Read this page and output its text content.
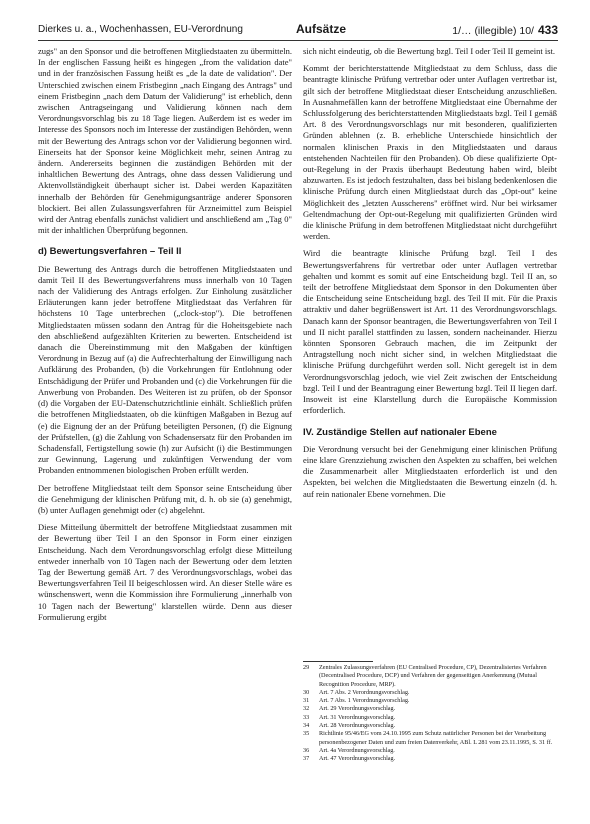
Dierkes u. a., Wochenhassen, EU-Verordnung	Aufsätze	1/… (illegible) 10/ 433

zugs" an den Sponsor und die betroffenen Mitgliedstaaten zu übermitteln. In der englischen Fassung heißt es hingegen „from the validation date" und in der französischen Fassung heißt es „de la date de validation". Der Unterschied zwischen einem Fristbeginn „nach Eingang des Antrags" und einem Fristbeginn „nach dem Datum der Validierung" ist erheblich, denn zwischen Antragseingang und Validierung können nach dem Verordnungsvorschlag bis zu 18 Tage liegen. Außerdem ist es weder im Interesse des Sponsors noch im Interesse der zuständigen Behörden, wenn mit der Bewertung des Antrags schon vor der Validierung begonnen wird. Einerseits hat der Sponsor keine Möglichkeit mehr, seinen Antrag zu ändern. Andererseits beginnen die zuständigen Behörden mit der inhaltlichen Bewertung des Antrags, ohne dass dessen Validierung und Aktenvollständigkeit überhaupt sicher ist. Dabei werden Kapazitäten innerhalb der Behörden für Genehmigungsanträge anderer Sponsoren blockiert. Bei allen Zulassungsverfahren für Arzneimittel zum Beispiel wird der Antrag ebenfalls zunächst validiert und anschließend am „Tag 0" mit der inhaltlichen Überprüfung begonnen.

d) Bewertungsverfahren – Teil II

Die Bewertung des Antrags durch die betroffenen Mitgliedstaaten und damit Teil II des Bewertungsverfahrens muss innerhalb von 10 Tagen nach der Validierung des Antrags erfolgen. Zur Einholung zusätzlicher Erläuterungen kann jeder betroffene Mitgliedstaat das Verfahren für höchstens 10 Tage unterbrechen („clock-stop"). Die betroffenen Mitgliedstaaten müssen sodann den Antrag für die Hoheitsgebiete nach den abschließend aufgezählten Kriterien zu bewerten. Entscheidend ist danach die Übereinstimmung mit den Maßgaben der künftigen Verordnung in Bezug auf (a) die Aufrechterhaltung der Einwilligung nach Aufklärung des Probanden, (b) die Vorkehrungen für Entlohnung oder Entschädigung der Prüfer und Probanden und (c) die Vorkehrungen für die Anwerbung von Probanden. Des Weiteren ist zu prüfen, ob der Sponsor (d) die Vorgaben der EU-Datenschutzrichtlinie einhält. Schließlich prüfen die betroffenen Mitgliedstaaten, ob die künftigen Maßgaben in Bezug auf (e) die Eignung der an der Prüfung beteiligten Personen, (f) die Eignung der Prüfstellen, (g) die Zahlung von Schadensersatz für den Probanden im Schadensfall, Fertigstellung sowie (h) zur Aufsicht (i) die Bestimmungen zur Gewinnung, Lagerung und zukünftigen Verwendung der vom Probanden entnommenen biologischen Proben erfüllt werden.

Der betroffene Mitgliedstaat teilt dem Sponsor seine Entscheidung über die Genehmigung der klinischen Prüfung mit, d. h. ob sie (a) genehmigt, (b) unter Auflagen genehmigt oder (c) abgelehnt.

Diese Mitteilung übermittelt der betroffene Mitgliedstaat zusammen mit der Bewertung über Teil I an den Sponsor in Form einer einzigen Entscheidung. Nach dem Verordnungsvorschlag erfolgt diese Mitteilung entweder innerhalb von 10 Tagen nach der Bewertung oder dem letzten Tag der Bewertung gemäß Art. 7 des Verordnungsvorschlags, wobei das Bewertungsverfahren Teil II beigeschlossen wird. An dieser Stelle wäre es wünschenswert, wenn die Kommission ihre Formulierung „innerhalb von 10 Tagen nach der Bewertung" klarstellen würde. Denn aus dieser Formulierung ergibt

sich nicht eindeutig, ob die Bewertung bzgl. Teil I oder Teil II gemeint ist.

Kommt der berichterstattende Mitgliedstaat zu dem Schluss, dass die beantragte klinische Prüfung vertretbar oder unter Auflagen vertretbar ist, gilt sich der betroffene Mitgliedstaat dieser Entscheidung anzuschließen. In Ausnahmefällen kann der betroffene Mitgliedstaat eine Übernahme der Schlussfolgerung des berichterstattenden Mitgliedstaats bzgl. Teil I gemäß Art. 8 des Verordnungsvorschlags nur mit besonderen, qualifizierten Gründen ablehnen (z. B. erhebliche Unterschiede hinsichtlich der normalen klinischen Praxis in den Mitgliedstaaten und daraus entstehenden Nachteilen für den Probanden). Ob diese qualifizierte Opt-out-Regelung in der Praxis überhaupt Bedeutung haben wird, bleibt abzuwarten. Es ist jedoch festzuhalten, dass bei bislang bedenkenlosen die klinische Prüfung durch einen Mitgliedstaat durch das „Opt-out" keine Möglichkeit des „letzten Ausscherens" eröffnet wird. Nur bei wirksamer Geltendmachung der Opt-out-Regelung mit qualifizierten Gründen wird die klinische Prüfung in dem betroffenen Mitgliedstaat nicht durchgeführt werden.

Wird die beantragte klinische Prüfung bzgl. Teil I des Bewertungsverfahrens für vertretbar oder unter Auflagen vertretbar gehalten und kommt es somit auf eine Entscheidung bzgl. Teil II an, so teilt der betroffene Mitgliedstaat dem Sponsor in den Dokumenten über die Entscheidung seine Entscheidung bzgl. des Teil II mit. Für die Praxis attraktiv und daher begrüßenswert ist Art. 11 des Verordnungsvorschlags. Danach kann der Sponsor beantragen, die Bewertungsverfahren von Teil I und II nicht parallel stattfinden zu lassen, sondern nacheinander. Hierzu könnten Sponsoren Gebrauch machen, die im Zeitpunkt der Antragstellung noch nicht sicher sind, in welchen Mitgliedstaat die klinische Prüfung durchgeführt werden soll. Nicht geregelt ist in dem Verordnungsvorschlag jedoch, wie viel Zeit zwischen der Entscheidung bzgl. Teil I und der Beantragung einer Bewertung bzgl. Teil II liegen darf. Insoweit ist eine Klarstellung durch die Europäische Kommission erforderlich.

IV. Zuständige Stellen auf nationaler Ebene

Die Verordnung versucht bei der Genehmigung einer klinischen Prüfung eine klare Grenzziehung zwischen den Aspekten zu schaffen, bei welchen die Zusammenarbeit aller Mitgliedstaaten erforderlich ist und den Aspekten, bei welchen die Mitgliedstaaten die Bewertung einzeln (d. h. auf rein nationaler Ebene vornehmen. Die

29	Zentrales Zulassungsverfahren (EU Centralised Procedure, CP), Dezentralisiertes Verfahren (Decentralised Procedure, DCP) und Verfahren der gegenseitigen Anerkennung (Mutual Recognition Procedure, MRP).
30	Art. 7 Abs. 2 Verordnungsvorschlag.
31	Art. 7 Abs. 1 Verordnungsvorschlag.
32	Art. 29 Verordnungsvorschlag.
33	Art. 31 Verordnungsvorschlag.
34	Art. 28 Verordnungsvorschlag.
35	Richtlinie 95/46/EG vom 24.10.1995 zum Schutz natürlicher Personen bei der Verarbeitung personenbezogener Daten und zum freien Datenverkehr, ABl. L 281 vom 23.11.1995, S. 31 ff.
36	Art. 4a Verordnungsvorschlag.
37	Art. 47 Verordnungsvorschlag.
